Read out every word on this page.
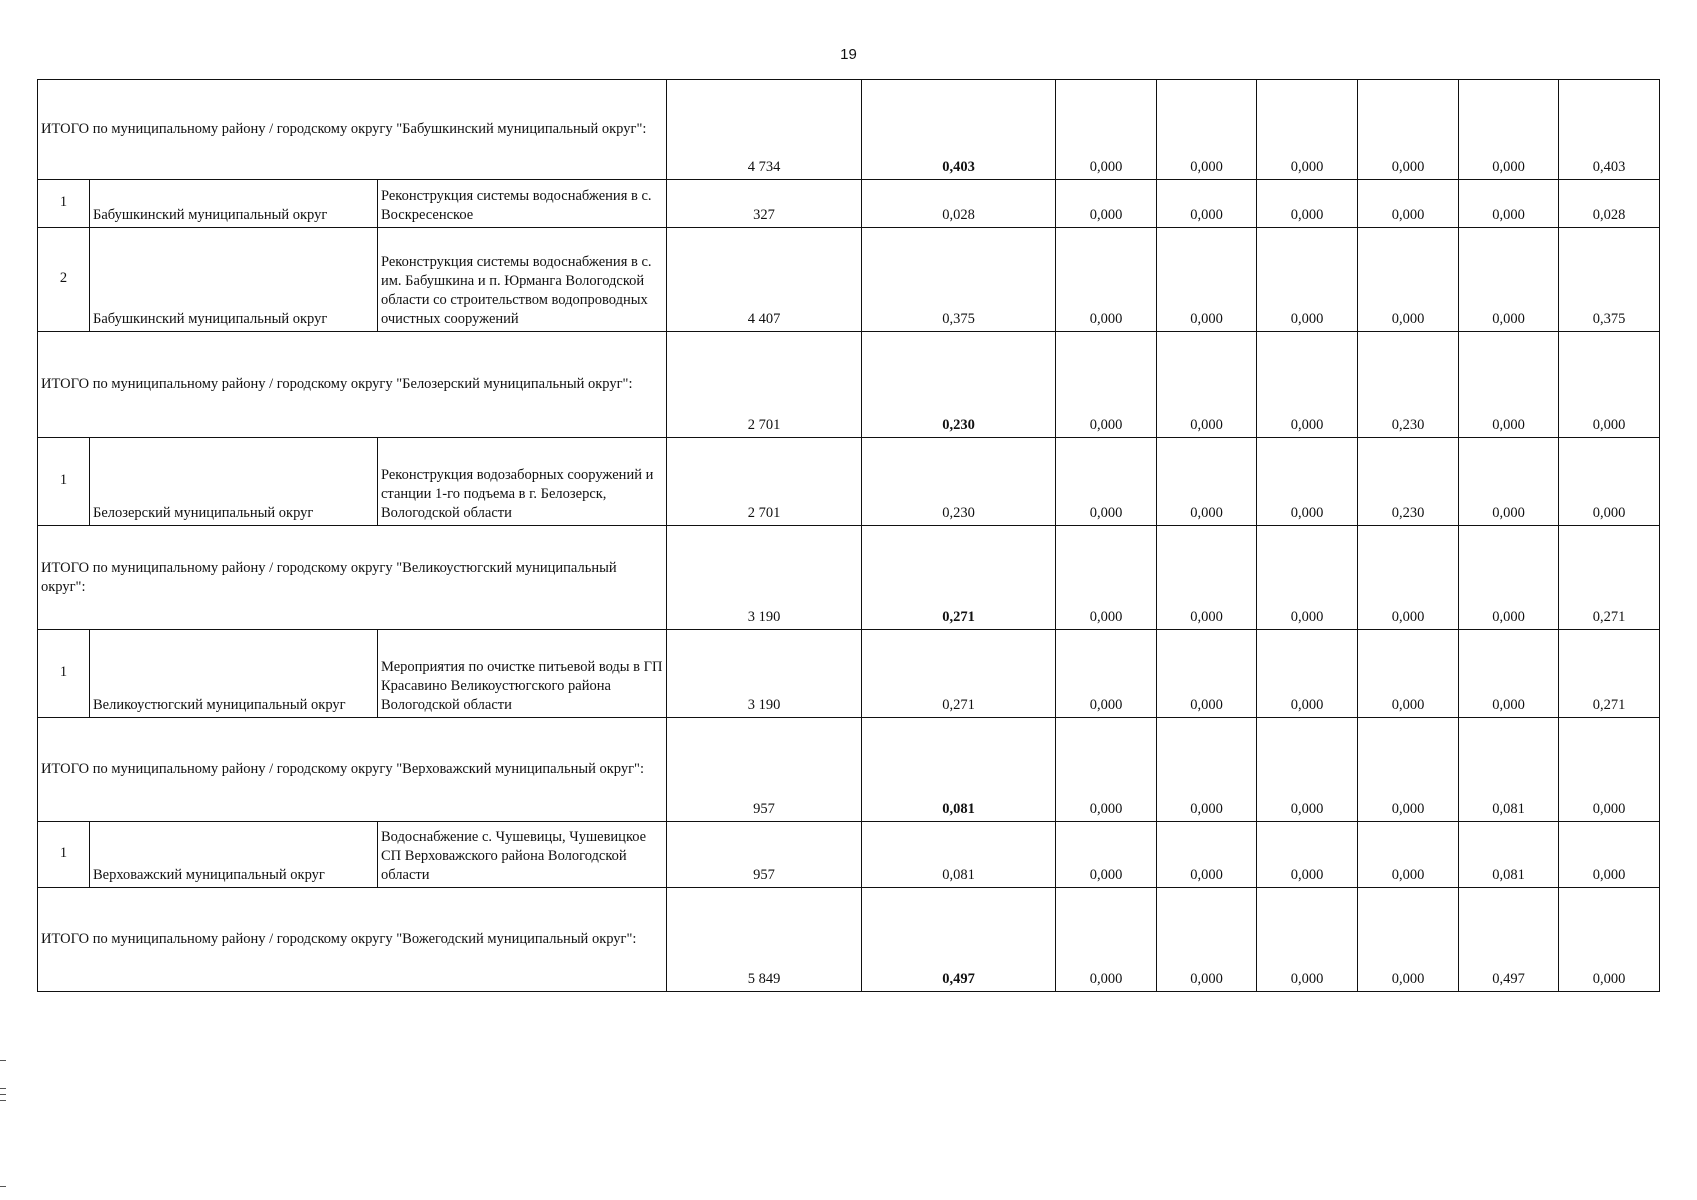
19
ИТОГО по муниципальному району / городскому округу "Бабушкинский муниципальный округ":			4 734	0,403	0,000	0,000	0,000	0,000	0,000	0,403
1	Бабушкинский муниципальный округ	Реконструкция системы водоснабжения в с. Воскресенское	327	0,028	0,000	0,000	0,000	0,000	0,000	0,028
2	Бабушкинский муниципальный округ	Реконструкция системы водоснабжения в с. им. Бабушкина и п. Юрманга Вологодской области со строительством водопроводных очистных сооружений	4 407	0,375	0,000	0,000	0,000	0,000	0,000	0,375
ИТОГО по муниципальному району / городскому округу "Белозерский муниципальный округ":			2 701	0,230	0,000	0,000	0,000	0,230	0,000	0,000
1	Белозерский муниципальный округ	Реконструкция водозаборных сооружений и станции 1-го подъема в г. Белозерск, Вологодской области	2 701	0,230	0,000	0,000	0,000	0,230	0,000	0,000
ИТОГО по муниципальному району / городскому округу "Великоустюгский муниципальный округ":			3 190	0,271	0,000	0,000	0,000	0,000	0,000	0,271
1	Великоустюгский муниципальный округ	Мероприятия по очистке питьевой воды в ГП Красавино Великоустюгского района Вологодской области	3 190	0,271	0,000	0,000	0,000	0,000	0,000	0,271
ИТОГО по муниципальному району / городскому округу "Верховажский муниципальный округ":			957	0,081	0,000	0,000	0,000	0,000	0,081	0,000
1	Верховажский муниципальный округ	Водоснабжение с. Чушевицы, Чушевицкое СП Верховажского района Вологодской области	957	0,081	0,000	0,000	0,000	0,000	0,081	0,000
ИТОГО по муниципальному району / городскому округу "Вожегодский муниципальный округ":			5 849	0,497	0,000	0,000	0,000	0,000	0,497	0,000
